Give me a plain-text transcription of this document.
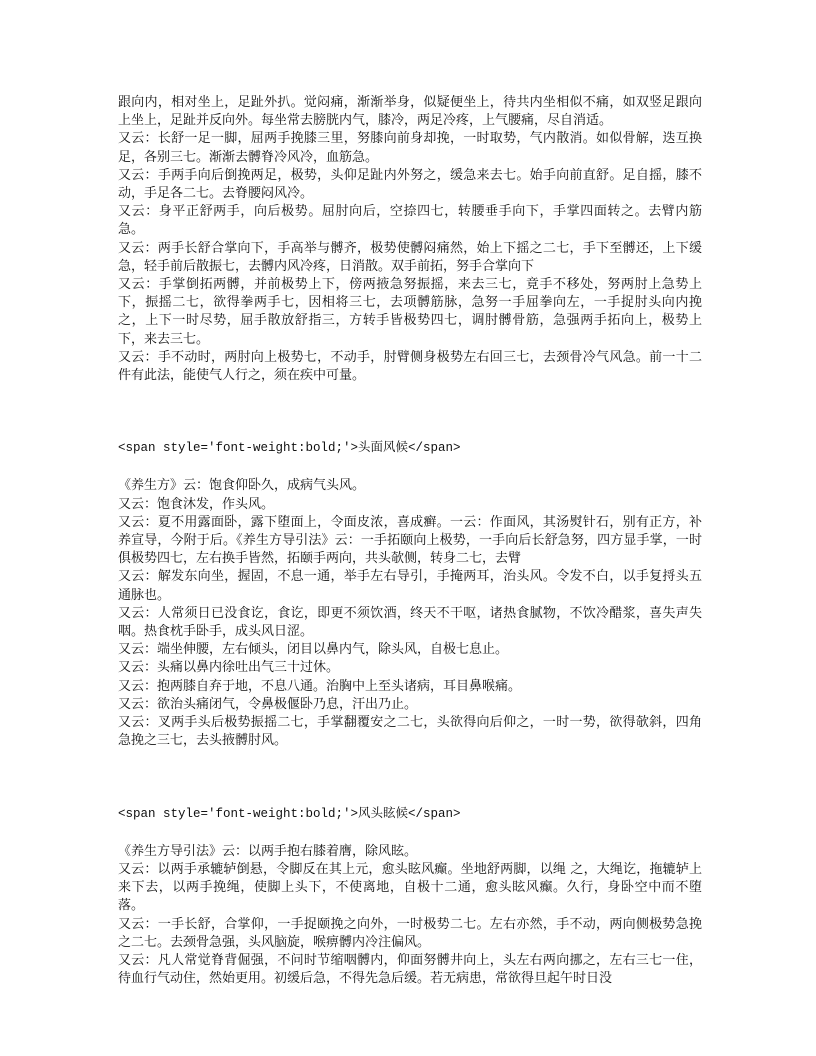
跟向内，相对坐上，足趾外扒。觉闷痛，渐渐举身，似疑便坐上，待共内坐相似不痛，如双竖足跟向上坐上，足趾并反向外。每坐常去膀胱内气，膝冷，两足冷疼，上气腰痛，尽自消适。

又云：长舒一足一脚，屈两手挽膝三里，努膝向前身却挽，一时取势，气内散消。如似骨解，迭互换足，各别三七。渐渐去髆脊冷风冷，血筋急。

又云：手两手向后倒挽两足，极势，头仰足趾内外努之，缓急来去七。始手向前直舒。足自摇，膝不动，手足各二七。去脊腰闷风冷。

又云：身平正舒两手，向后极势。屈肘向后，空捺四七，转腰垂手向下，手掌四面转之。去臂内筋急。

又云：两手长舒合掌向下，手高举与髆齐，极势使髆闷痛然，始上下摇之二七，手下至髆还，上下缓急，轻手前后散振七，去髆内风冷疼，日消散。双手前拓，努手合掌向下

又云：手掌倒拓两髆，并前极势上下，傍两掖急努振摇，来去三七，竟手不移处，努两肘上急势上下，振摇二七，欲得拳两手七，因相将三七，去项髆筋脉，急努一手屈拳向左，一手捉肘头向内挽之，上下一时尽势，屈手散放舒指三，方转手皆极势四七，调肘髆骨筋，急强两手拓向上，极势上下，来去三七。

又云：手不动时，两肘向上极势七，不动手，肘臂侧身极势左右回三七，去颈骨冷气风急。前一十二件有此法，能使气人行之，须在疾中可量。

<span style='font-weight:bold;'>头面风候</span>

《养生方》云：饱食仰卧久，成病气头风。

又云：饱食沐发，作头风。

又云：夏不用露面卧，露下堕面上，令面皮浓，喜成癣。一云：作面风，其汤熨针石，别有正方，补养宣导，今附于后。《养生方导引法》云：一手拓颐向上极势，一手向后长舒急努，四方显手掌，一时俱极势四七，左右换手皆然，拓颐手两向，共头欹侧，转身二七，去臂

又云：解发东向坐，握固，不息一通，举手左右导引，手掩两耳，治头风。令发不白，以手复捋头五通脉也。

又云：人常须日已没食讫，食讫，即更不须饮酒，终天不干呕，诸热食腻物，不饮冷醋浆，喜失声失咽。热食枕手卧手，成头风日涩。

又云：端坐伸腰，左右倾头，闭目以鼻内气，除头风，自极七息止。

又云：头痛以鼻内徐吐出气三十过休。

又云：抱两膝自弃于地，不息八通。治胸中上至头诸病，耳目鼻喉痛。

又云：欲治头痛闭气，令鼻极偃卧乃息，汗出乃止。

又云：叉两手头后极势振摇二七，手掌翻覆安之二七，头欲得向后仰之，一时一势，欲得欹斜，四角急挽之三七，去头掖髆肘风。

<span style='font-weight:bold;'>风头眩候</span>

《养生方导引法》云：以两手抱右膝着膺，除风眩。

又云：以两手承辘轳倒悬，令脚反在其上元，愈头眩风癫。坐地舒两脚，以绳 之，大绳讫，拖辘轳上来下去，以两手挽绳，使脚上头下，不使离地，自极十二通，愈头眩风癫。久行，身卧空中而不堕落。

又云：一手长舒，合掌仰，一手捉颐挽之向外，一时极势二七。左右亦然，手不动，两向侧极势急挽之二七。去颈骨急强，头风脑旋，喉痹髆内冷注偏风。

又云：凡人常觉脊背倔强，不问时节缩咽髆内，仰面努髆井向上，头左右两向挪之，左右三七一住，待血行气动住，然始更用。初缓后急，不得先急后缓。若无病患，常欲得旦起午时日没
